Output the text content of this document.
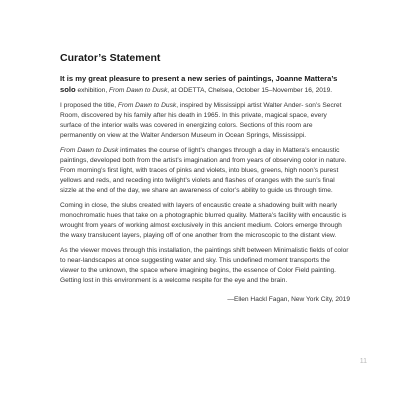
Curator’s Statement

It is my great pleasure to present a new series of paintings, Joanne Mattera’s solo exhibition, From Dawn to Dusk, at ODETTA, Chelsea, October 15–November 16, 2019.

I proposed the title, From Dawn to Dusk, inspired by Mississippi artist Walter Ander- son’s Secret Room, discovered by his family after his death in 1965. In this private, magical space, every surface of the interior walls was covered in energizing colors. Sections of this room are permanently on view at the Walter Anderson Museum in Ocean Springs, Mississippi.

From Dawn to Dusk intimates the course of light’s changes through a day in Mattera’s encaustic paintings, developed both from the artist’s imagination and from years of observing color in nature. From morning’s first light, with traces of pinks and violets, into blues, greens, high noon’s purest yellows and reds, and receding into twilight’s violets and flashes of oranges with the sun’s final sizzle at the end of the day, we share an awareness of color’s ability to guide us through time.

Coming in close, the slubs created with layers of encaustic create a shadowing built with nearly monochromatic hues that take on a photographic blurred quality. Mattera’s facility with encaustic is wrought from years of working almost exclusively in this ancient medium. Colors emerge through the waxy translucent layers, playing off of one another from the microscopic to the distant view.

As the viewer moves through this installation, the paintings shift between Minimalistic fields of color to near-landscapes at once suggesting water and sky. This undefined moment transports the viewer to the unknown, the space where imagining begins, the essence of Color Field painting. Getting lost in this environment is a welcome respite for the eye and the brain.

—Ellen Hackl Fagan, New York City, 2019
11
